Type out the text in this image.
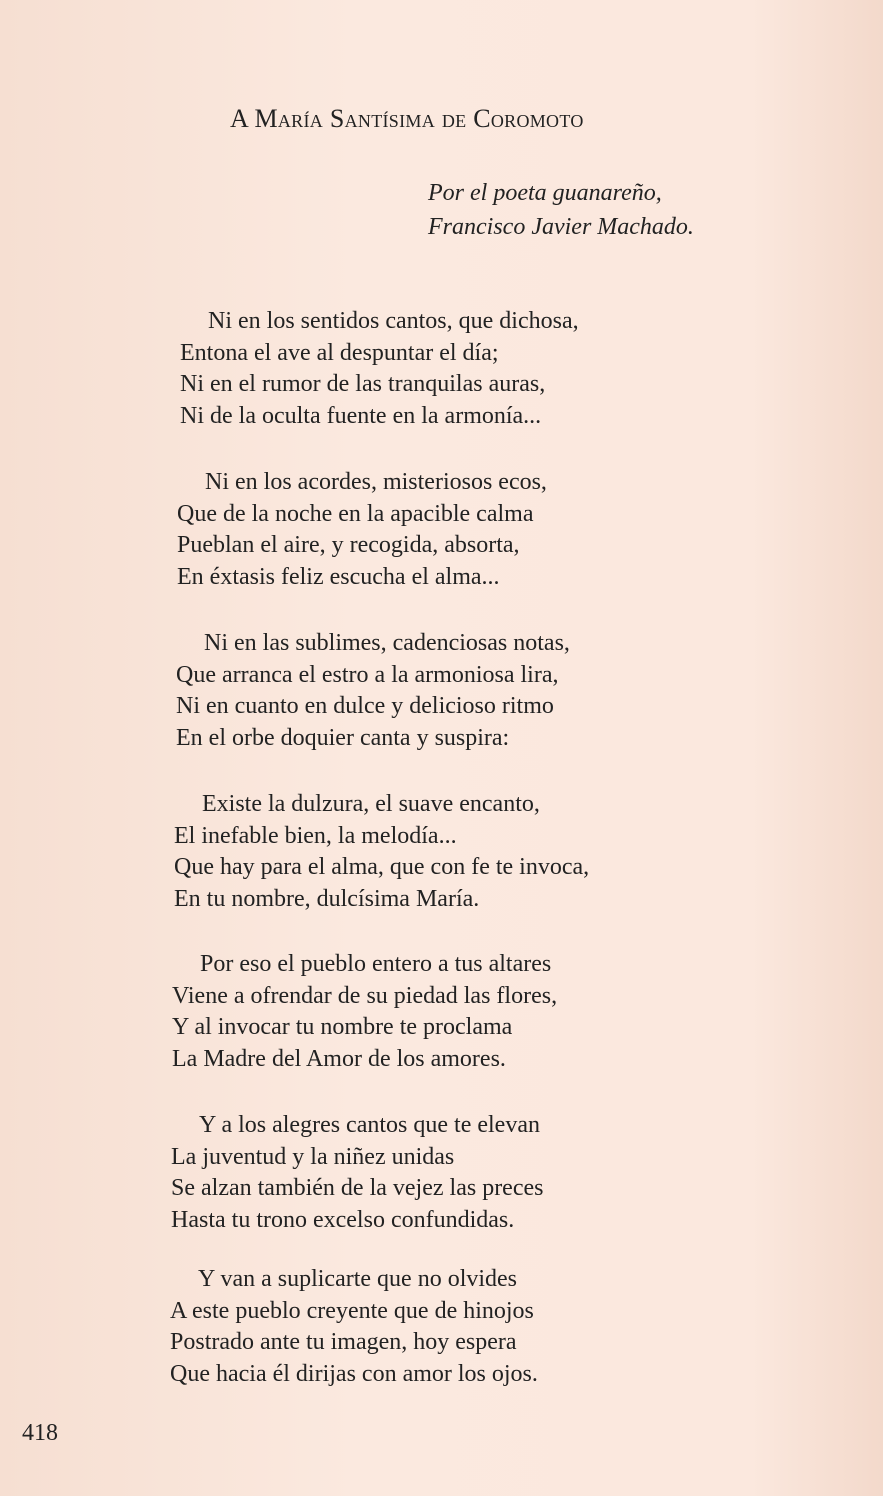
A María Santísima de Coromoto
Por el poeta guanareño,
Francisco Javier Machado.
Ni en los sentidos cantos, que dichosa,
Entona el ave al despuntar el día;
Ni en el rumor de las tranquilas auras,
Ni de la oculta fuente en la armonía...
Ni en los acordes, misteriosos ecos,
Que de la noche en la apacible calma
Pueblan el aire, y recogida, absorta,
En éxtasis feliz escucha el alma...
Ni en las sublimes, cadenciosas notas,
Que arranca el estro a la armoniosa lira,
Ni en cuanto en dulce y delicioso ritmo
En el orbe doquier canta y suspira:
Existe la dulzura, el suave encanto,
El inefable bien, la melodía...
Que hay para el alma, que con fe te invoca,
En tu nombre, dulcísima María.
Por eso el pueblo entero a tus altares
Viene a ofrendar de su piedad las flores,
Y al invocar tu nombre te proclama
La Madre del Amor de los amores.
Y a los alegres cantos que te elevan
La juventud y la niñez unidas
Se alzan también de la vejez las preces
Hasta tu trono excelso confundidas.
Y van a suplicarte que no olvides
A este pueblo creyente que de hinojos
Postrado ante tu imagen, hoy espera
Que hacia él dirijas con amor los ojos.
418
